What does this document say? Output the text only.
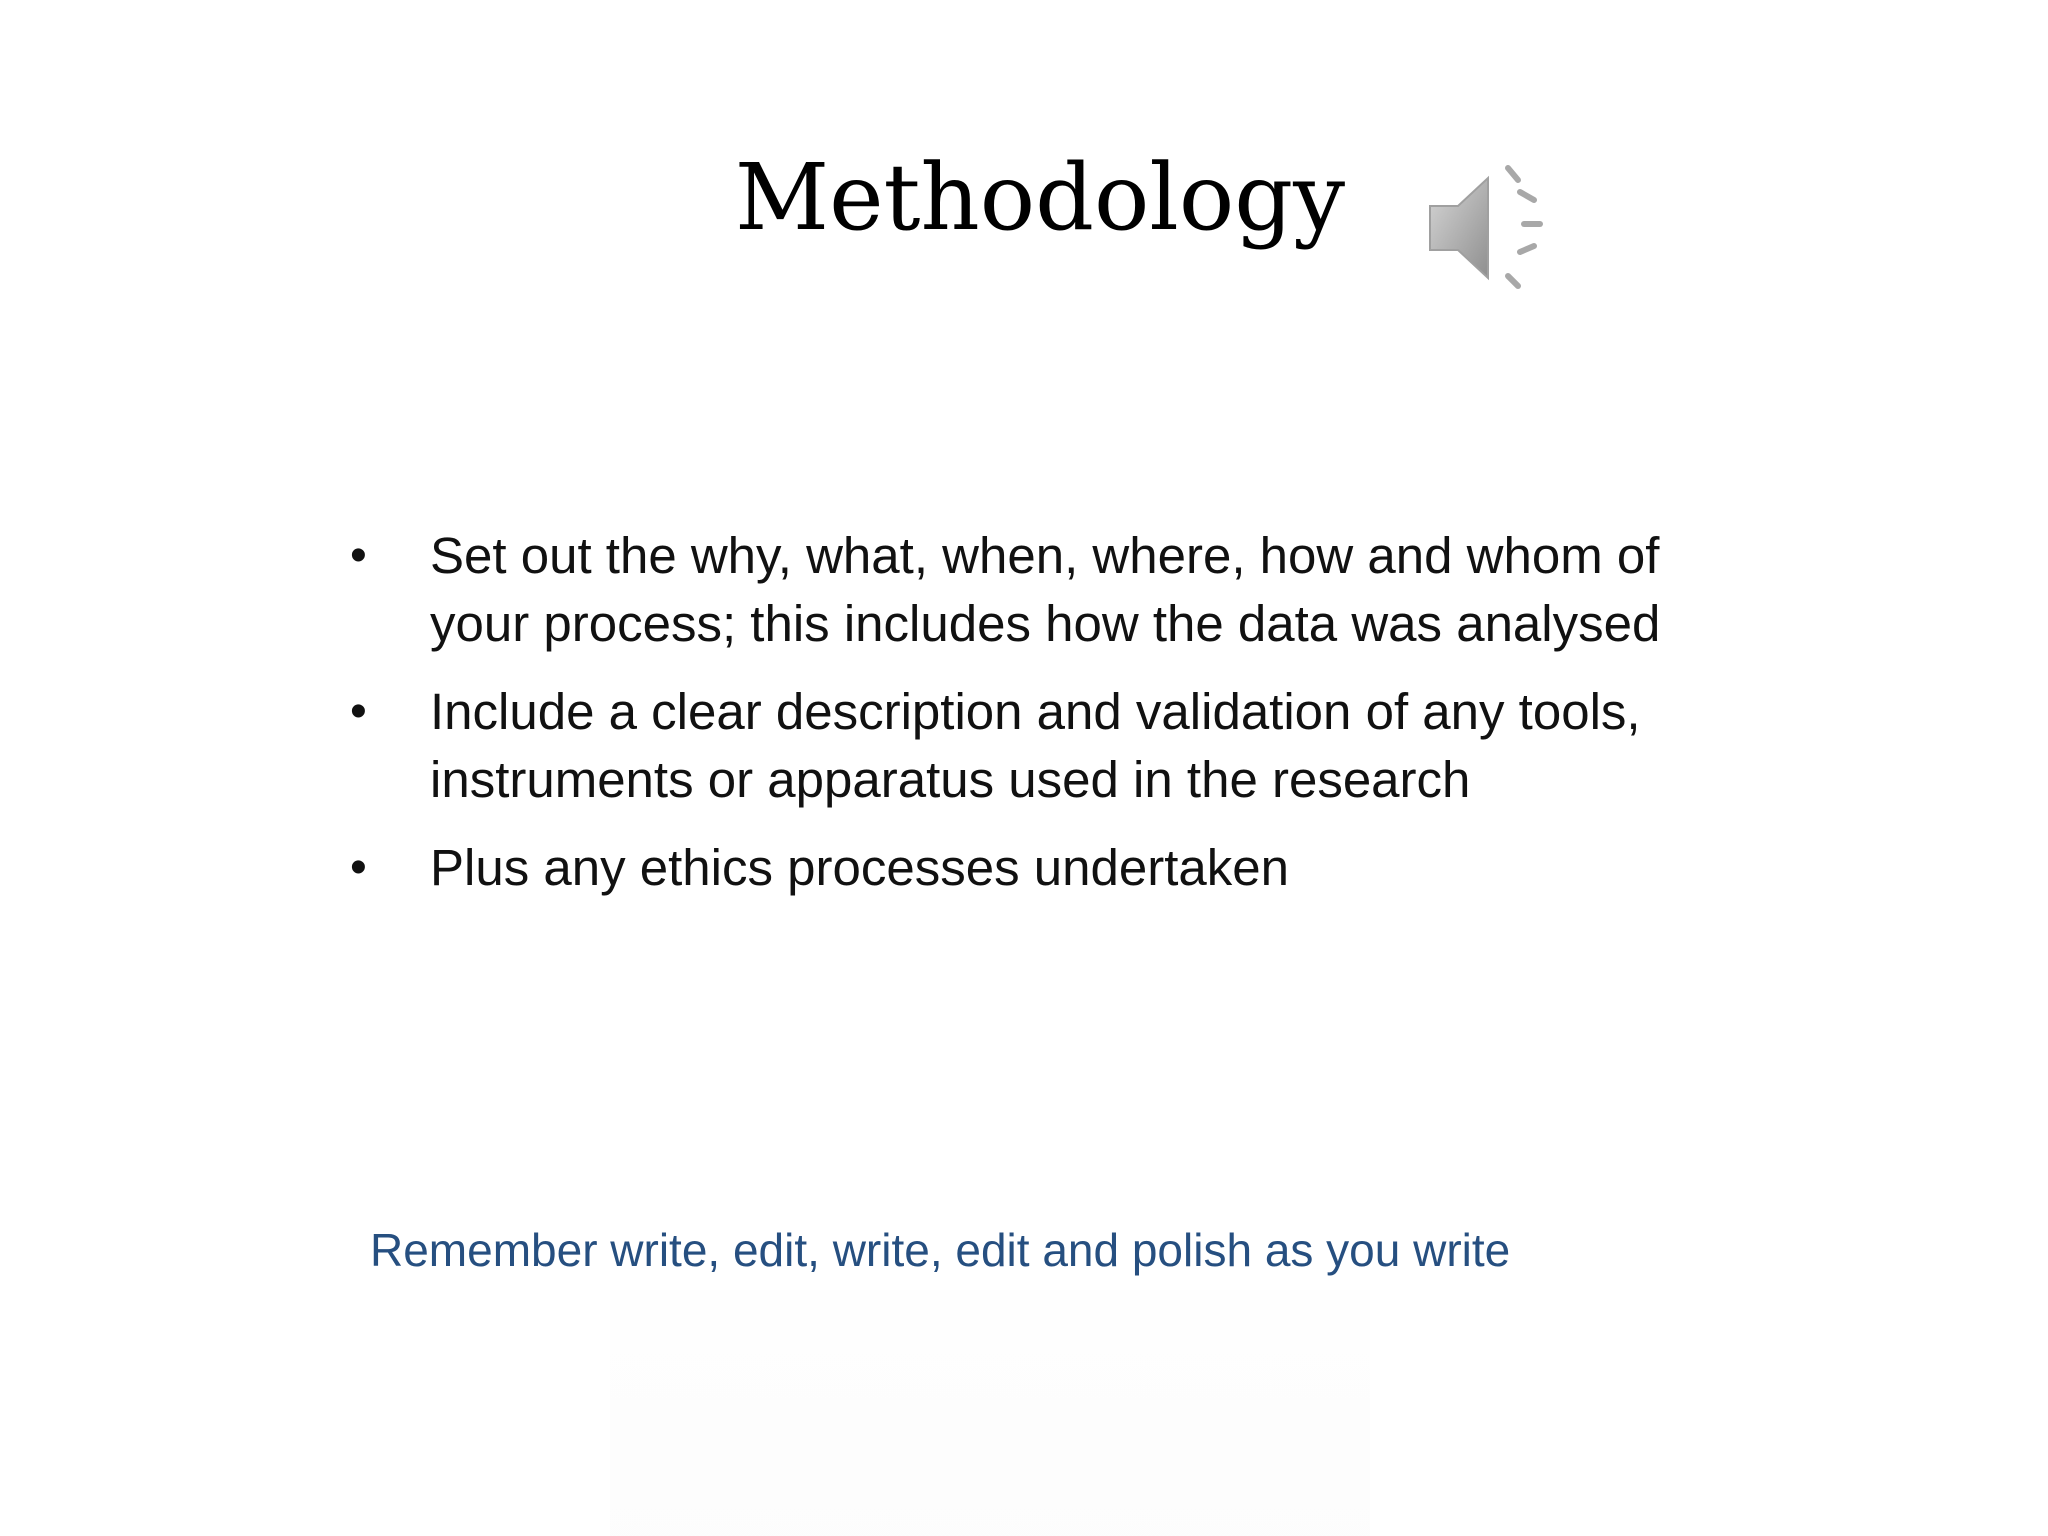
Methodology
• Set out the why, what, when, where, how and whom of your process; this includes how the data was analysed
• Include a clear description and validation of any tools, instruments or apparatus used in the research
• Plus any ethics processes undertaken
Remember write, edit, write, edit and polish as you write
